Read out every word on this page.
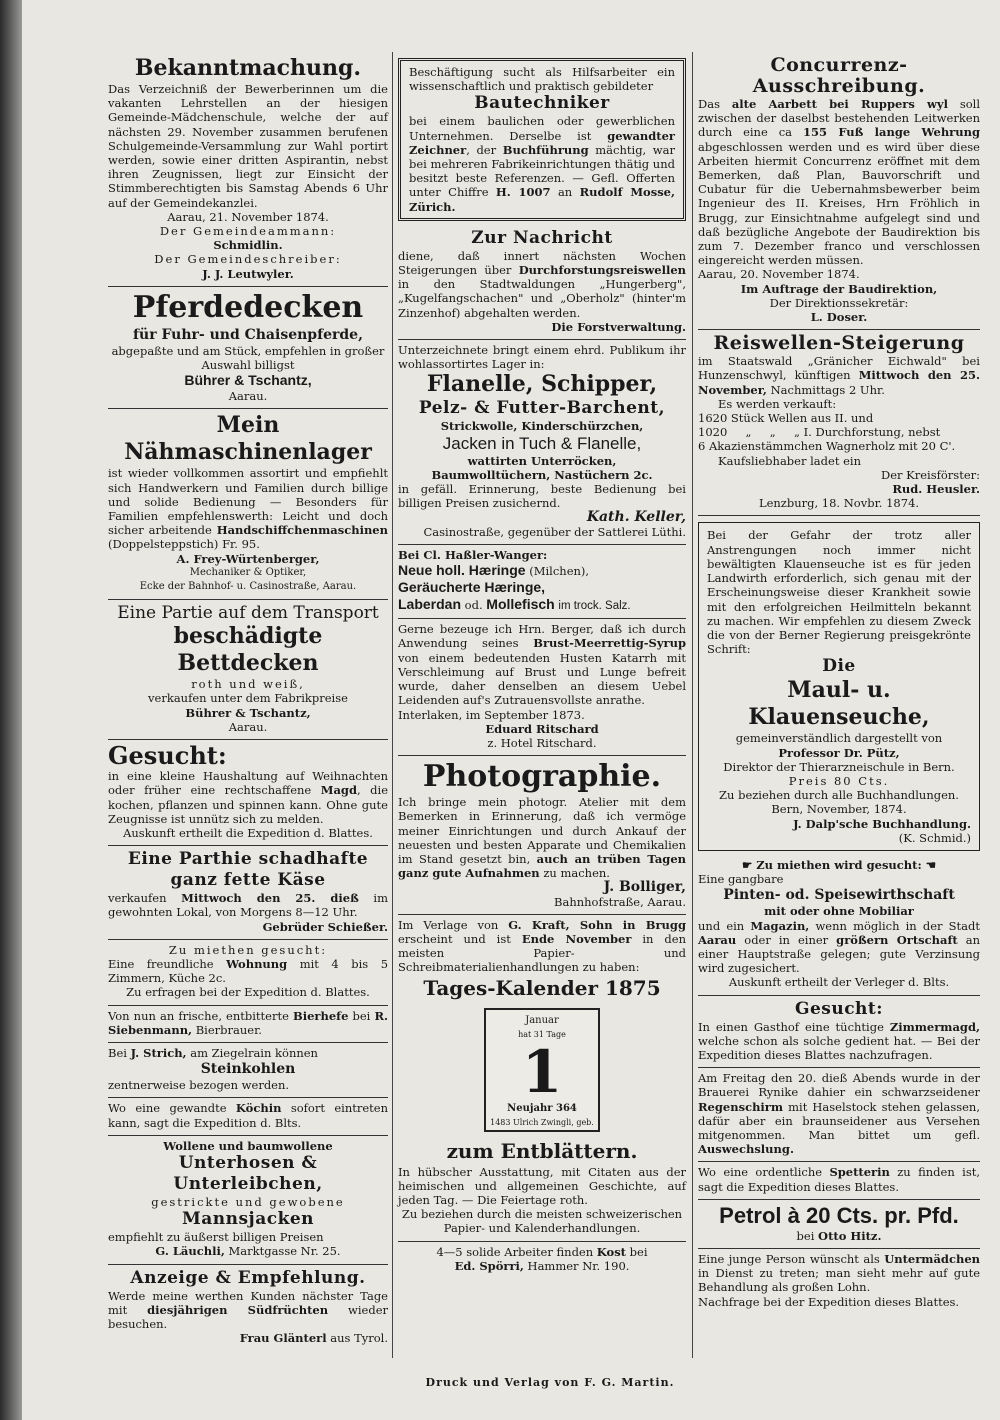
Bekanntmachung.

Das Verzeichniß der Bewerberinnen um die vakanten Lehrstellen an der hiesigen Gemeinde-Mädchenschule, welche der auf nächsten 29. November zusammen berufenen Schulgemeinde-Versammlung zur Wahl portirt werden, sowie einer dritten Aspirantin, nebst ihren Zeugnissen, liegt zur Einsicht der Stimmberechtigten bis Samstag Abends 6 Uhr auf der Gemeindekanzlei.

Aarau, 21. November 1874.
Der Gemeindeammann:
Schmidlin.
Der Gemeindeschreiber:
J. J. Leutwyler.
Pferdedecken
für Fuhr- und Chaisenpferde,

abgepaßte und am Stück, empfehlen in großer Auswahl billigst

Bührer & Tschantz,
Aarau.
Mein Nähmaschinenlager

ist wieder vollkommen assortirt und empfiehlt sich Handwerkern und Familien durch billige und solide Bedienung — Besonders für Familien empfehlenswerth: Leicht und doch sicher arbeitende Handschiffchenmaschinen (Doppelsteppstich) Fr. 95.

A. Frey-Würtenberger,
Mechaniker & Optiker,
Ecke der Bahnhof- u. Casinostraße, Aarau.
Eine Partie auf dem Transport
beschädigte Bettdecken
roth und weiß,
verkaufen unter dem Fabrikpreise
Bührer & Tschantz,
Aarau.
Gesucht:

in eine kleine Haushaltung auf Weihnachten oder früher eine rechtschaffene Magd, die kochen, pflanzen und spinnen kann. Ohne gute Zeugnisse ist unnütz sich zu melden.

Auskunft ertheilt die Expedition d. Blattes.
Eine Parthie schadhafte
ganz fette Käse

verkaufen Mittwoch den 25. dieß im gewohnten Lokal, von Morgens 8—12 Uhr.

Gebrüder Schießer.
Zu miethen gesucht:

Eine freundliche Wohnung mit 4 bis 5 Zimmern, Küche 2c.

Zu erfragen bei der Expedition d. Blattes.

Von nun an frische, entbitterte Bierhefe bei R. Siebenmann, Bierbrauer.

Bei J. Strich, am Ziegelrain können

Steinkohlen
zentnerweise bezogen werden.

Wo eine gewandte Köchin sofort eintreten kann, sagt die Expedition d. Blts.

Wollene und baumwollene
Unterhosen & Unterleibchen,
gestrickte und gewobene
Mannsjacken
empfiehlt zu äußerst billigen Preisen
G. Läuchli, Marktgasse Nr. 25.
Anzeige & Empfehlung.

Werde meine werthen Kunden nächster Tage mit diesjährigen Südfrüchten wieder besuchen.

Frau Glänterl aus Tyrol.

Beschäftigung sucht als Hilfsarbeiter ein wissenschaftlich und praktisch gebildeter

Bautechniker

bei einem baulichen oder gewerblichen Unternehmen. Derselbe ist gewandter Zeichner, der Buchführung mächtig, war bei mehreren Fabrikeinrichtungen thätig und besitzt beste Referenzen. — Gefl. Offerten unter Chiffre H. 1007 an Rudolf Mosse, Zürich.

Zur Nachricht

diene, daß innert nächsten Wochen Steigerungen über Durchforstungsreiswellen in den Stadtwaldungen „Hungerberg", „Kugelfangschachen" und „Oberholz" (hinter'm Zinzenhof) abgehalten werden.

Die Forstverwaltung.

Unterzeichnete bringt einem ehrd. Publikum ihr wohlassortirtes Lager in:

Flanelle, Schipper,
Pelz- & Futter-Barchent,
Strickwolle, Kinderschürzchen,
Jacken in Tuch & Flanelle,
wattirten Unterröcken,
Baumwolltüchern, Nastüchern 2c.

in gefäll. Erinnerung, beste Bedienung bei billigen Preisen zusichernd.

Kath. Keller,
Casinostraße, gegenüber der Sattlerei Lüthi.
Bei Cl. Haßler-Wanger:
Neue holl. Hæringe (Milchen),
Geräucherte Hæringe,
Laberdan od. Mollefisch im trock. Salz.

Gerne bezeuge ich Hrn. Berger, daß ich durch Anwendung seines Brust-Meerrettig-Syrup von einem bedeutenden Husten Katarrh mit Verschleimung auf Brust und Lunge befreit wurde, daher denselben an diesem Uebel Leidenden auf's Zutrauensvollste anrathe.

Interlaken, im September 1873.
Eduard Ritschard
z. Hotel Ritschard.
Photographie.

Ich bringe mein photogr. Atelier mit dem Bemerken in Erinnerung, daß ich vermöge meiner Einrichtungen und durch Ankauf der neuesten und besten Apparate und Chemikalien im Stand gesetzt bin, auch an trüben Tagen ganz gute Aufnahmen zu machen.

J. Bolliger,
Bahnhofstraße, Aarau.

Im Verlage von G. Kraft, Sohn in Brugg erscheint und ist Ende November in den meisten Papier- und Schreibmaterialienhandlungen zu haben:

Tages-Kalender 1875
Januar
hat 31 Tage
1
Neujahr 364
1483 Ulrich Zwingli, geb.
zum Entblättern.

In hübscher Ausstattung, mit Citaten aus der heimischen und allgemeinen Geschichte, auf jeden Tag. — Die Feiertage roth.

Zu beziehen durch die meisten schweizerischen Papier- und Kalenderhandlungen.

4—5 solide Arbeiter finden Kost bei
Ed. Spörri, Hammer Nr. 190.
Concurrenz-Ausschreibung.

Das alte Aarbett bei Ruppers wyl soll zwischen der daselbst bestehenden Leitwerken durch eine ca 155 Fuß lange Wehrung abgeschlossen werden und es wird über diese Arbeiten hiermit Concurrenz eröffnet mit dem Bemerken, daß Plan, Bauvorschrift und Cubatur für die Uebernahmsbewerber beim Ingenieur des II. Kreises, Hrn Fröhlich in Brugg, zur Einsichtnahme aufgelegt sind und daß bezügliche Angebote der Baudirektion bis zum 7. Dezember franco und verschlossen eingereicht werden müssen.

Aarau, 20. November 1874.
Im Auftrage der Baudirektion,
Der Direktionssekretär:
L. Doser.
Reiswellen-Steigerung

im Staatswald „Gränicher Eichwald" bei Hunzenschwyl, künftigen Mittwoch den 25. November, Nachmittags 2 Uhr.

Es werden verkauft:
1620 Stück Wellen aus II. und
1020     „     „     „ I. Durchforstung, nebst
6 Akazienstämmchen Wagnerholz mit 20 C'.
Kaufsliebhaber ladet ein
Der Kreisförster:
Rud. Heusler.
Lenzburg, 18. Novbr. 1874.

Bei der Gefahr der trotz aller Anstrengungen noch immer nicht bewältigten Klauenseuche ist es für jeden Landwirth erforderlich, sich genau mit der Erscheinungsweise dieser Krankheit sowie mit den erfolgreichen Heilmitteln bekannt zu machen. Wir empfehlen zu diesem Zweck die von der Berner Regierung preisgekrönte Schrift:

Die
Maul- u. Klauenseuche,
gemeinverständlich dargestellt von
Professor Dr. Pütz,
Direktor der Thierarzneischule in Bern.
Preis 80 Cts.
Zu beziehen durch alle Buchhandlungen.
Bern, November, 1874.
J. Dalp'sche Buchhandlung.
(K. Schmid.)
☛ Zu miethen wird gesucht: ☚
Eine gangbare
Pinten- od. Speisewirthschaft
mit oder ohne Mobiliar

und ein Magazin, wenn möglich in der Stadt Aarau oder in einer größern Ortschaft an einer Hauptstraße gelegen; gute Verzinsung wird zugesichert.

Auskunft ertheilt der Verleger d. Blts.
Gesucht:

In einen Gasthof eine tüchtige Zimmermagd, welche schon als solche gedient hat. — Bei der Expedition dieses Blattes nachzufragen.

Am Freitag den 20. dieß Abends wurde in der Brauerei Rynike dahier ein schwarzseidener Regenschirm mit Haselstock stehen gelassen, dafür aber ein braunseidener aus Versehen mitgenommen. Man bittet um gefl. Auswechslung.

Wo eine ordentliche Spetterin zu finden ist, sagt die Expedition dieses Blattes.

Petrol à 20 Cts. pr. Pfd.
bei Otto Hitz.

Eine junge Person wünscht als Untermädchen in Dienst zu treten; man sieht mehr auf gute Behandlung als großen Lohn.

Nachfrage bei der Expedition dieses Blattes.
Druck und Verlag von F. G. Martin.
